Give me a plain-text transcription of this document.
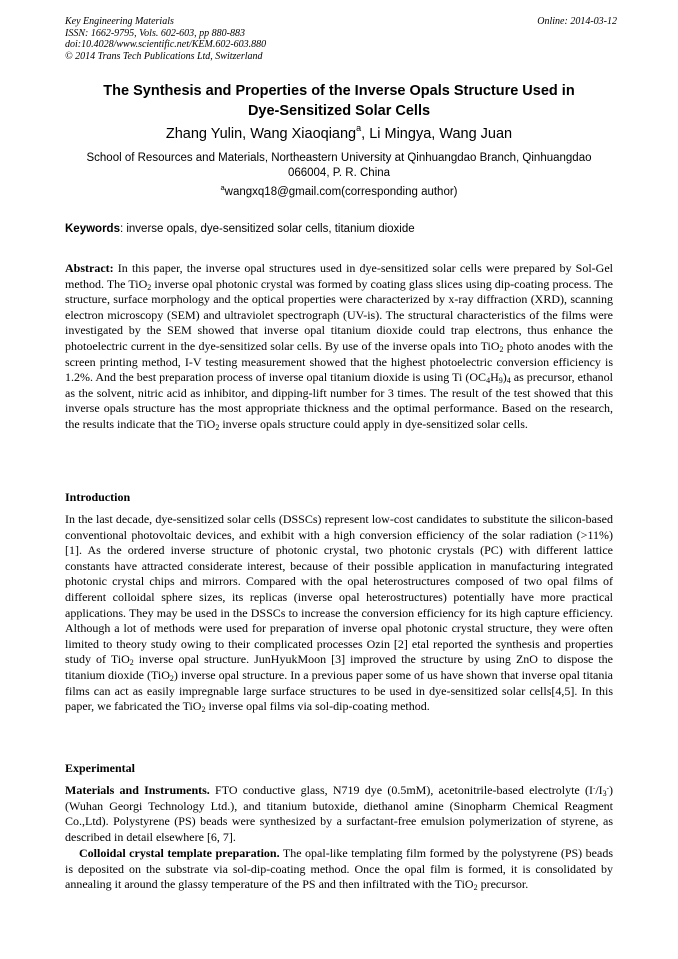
Key Engineering Materials
ISSN: 1662-9795, Vols. 602-603, pp 880-883
doi:10.4028/www.scientific.net/KEM.602-603.880
© 2014 Trans Tech Publications Ltd, Switzerland
Online: 2014-03-12
The Synthesis and Properties of the Inverse Opals Structure Used in
Dye-Sensitized Solar Cells
Zhang Yulin, Wang Xiaoqiang$^a$, Li Mingya, Wang Juan
School of Resources and Materials, Northeastern University at Qinhuangdao Branch, Qinhuangdao
066004, P. R. China
$^a$wangxq18@gmail.com(corresponding author)
Keywords: inverse opals, dye-sensitized solar cells, titanium dioxide
Abstract: In this paper, the inverse opal structures used in dye-sensitized solar cells were prepared by Sol-Gel method. The TiO$_2$ inverse opal photonic crystal was formed by coating glass slices using dip-coating process. The structure, surface morphology and the optical properties were characterized by x-ray diffraction (XRD), scanning electron microscopy (SEM) and ultraviolet spectrograph (UV-is). The structural characteristics of the films were investigated by the SEM showed that inverse opal titanium dioxide could trap electrons, thus enhance the photoelectric current in the dye-sensitized solar cells. By use of the inverse opals into TiO$_2$ photo anodes with the screen printing method, I-V testing measurement showed that the highest photoelectric conversion efficiency is 1.2%. And the best preparation process of inverse opal titanium dioxide is using Ti $(OC_4H_9)_4$ as precursor, ethanol as the solvent, nitric acid as inhibitor, and dipping-lift number for 3 times. The result of the test showed that this inverse opals structure has the most appropriate thickness and the optimal performance. Based on the research, the results indicate that the TiO$_2$ inverse opals structure could apply in dye-sensitized solar cells.
Introduction
In the last decade, dye-sensitized solar cells (DSSCs) represent low-cost candidates to substitute the silicon-based conventional photovoltaic devices, and exhibit with a high conversion efficiency of the solar radiation (>11%) [1]. As the ordered inverse structure of photonic crystal, two photonic crystals (PC) with different lattice constants have attracted considerate interest, because of their possible application in manufacturing integrated photonic crystal chips and mirrors. Compared with the opal heterostructures composed of two opal films of different colloidal sphere sizes, its replicas (inverse opal heterostructures) potentially have more practical applications. They may be used in the DSSCs to increase the conversion efficiency for its high capture efficiency. Although a lot of methods were used for preparation of inverse opal photonic crystal structure, they were often limited to theory study owing to their complicated processes Ozin [2] etal reported the synthesis and properties study of TiO$_2$ inverse opal structure. JunHyukMoon [3] improved the structure by using ZnO to dispose the titanium dioxide (TiO$_2$) inverse opal structure. In a previous paper some of us have shown that inverse opal titania films can act as easily impregnable large surface structures to be used in dye-sensitized solar cells[4,5]. In this paper, we fabricated the TiO$_2$ inverse opal films via sol-dip-coating method.
Experimental
Materials and Instruments. FTO conductive glass, N719 dye (0.5mM), acetonitrile-based electrolyte $(I^-/I_3^-)$ (Wuhan Georgi Technology Ltd.), and titanium butoxide, diethanol amine (Sinopharm Chemical Reagment Co.,Ltd). Polystyrene (PS) beads were synthesized by a surfactant-free emulsion polymerization of styrene, as described in detail elsewhere [6, 7].
Colloidal crystal template preparation. The opal-like templating film formed by the polystyrene (PS) beads is deposited on the substrate via sol-dip-coating method. Once the opal film is formed, it is consolidated by annealing it around the glassy temperature of the PS and then infiltrated with the TiO$_2$ precursor.
